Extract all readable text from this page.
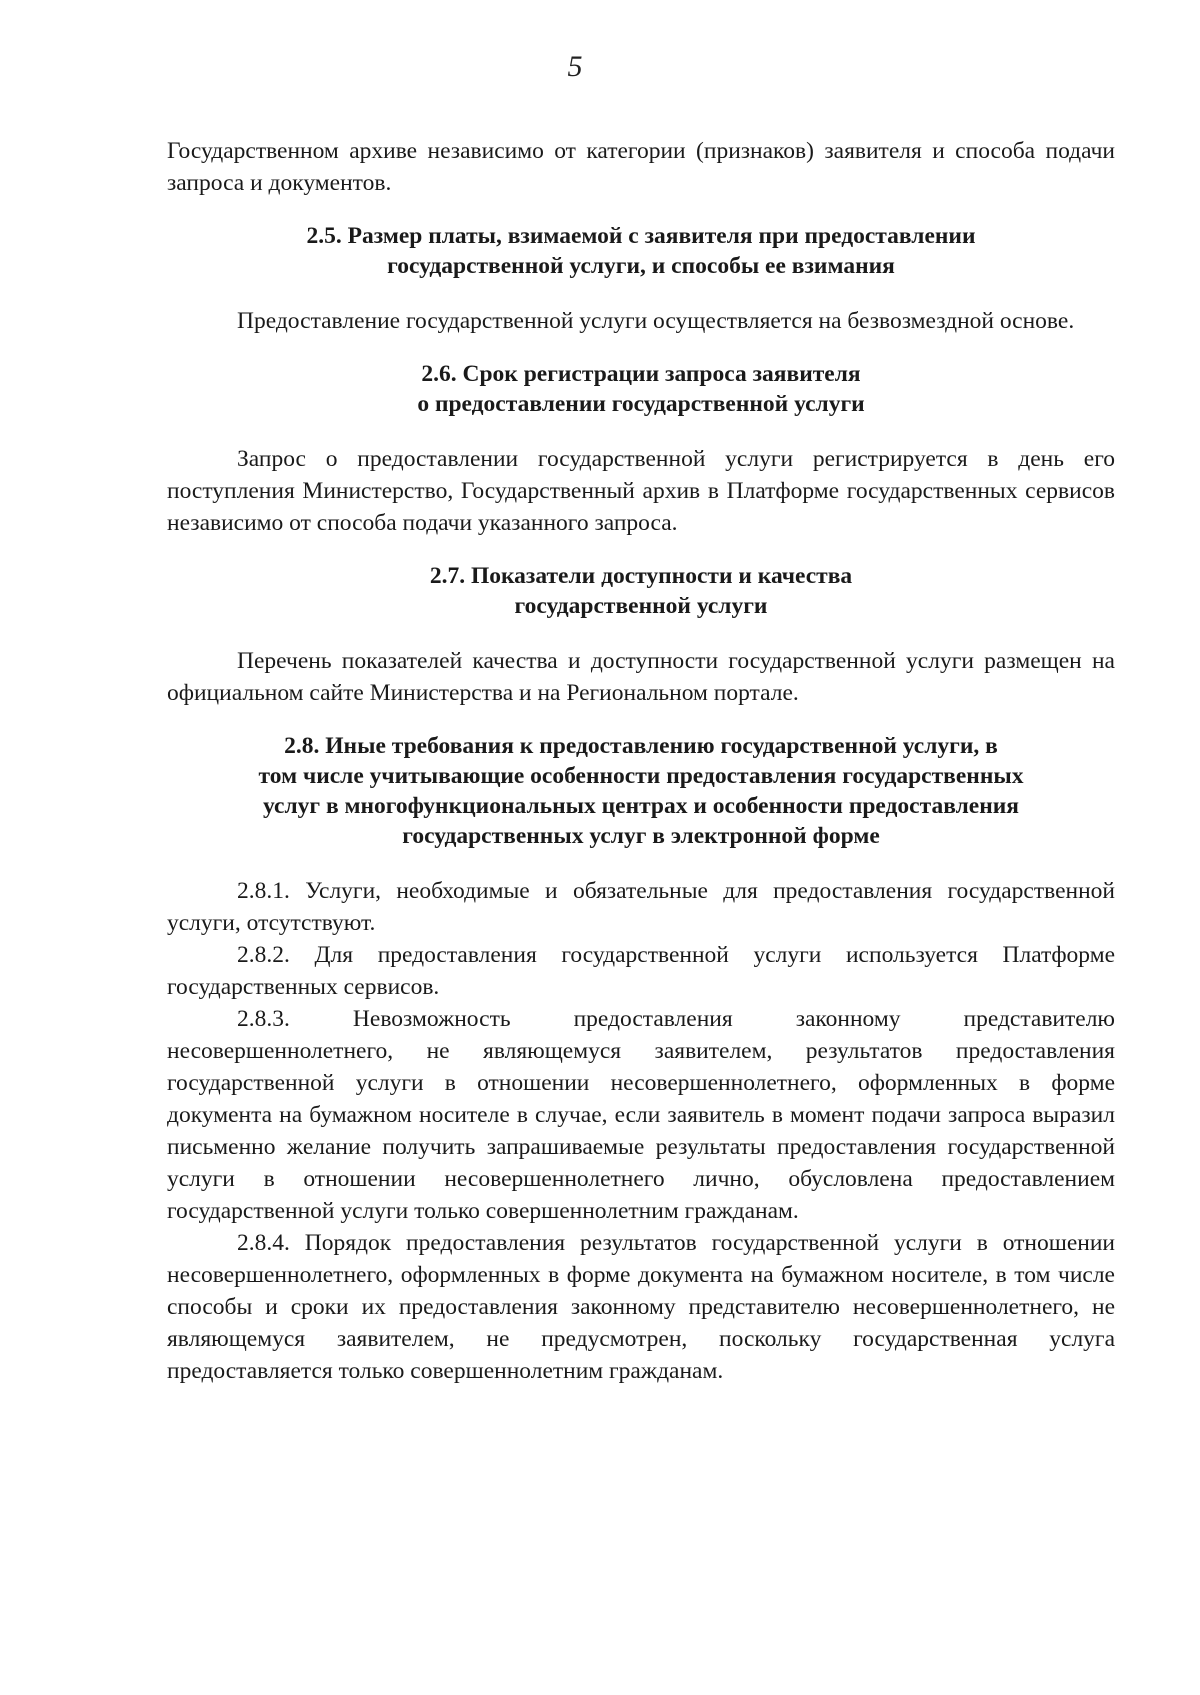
5

Государственном архиве независимо от категории (признаков) заявителя и способа подачи запроса и документов.

2.5. Размер платы, взимаемой с заявителя при предоставлении
государственной услуги, и способы ее взимания

Предоставление государственной услуги осуществляется на безвозмездной основе.

2.6. Срок регистрации запроса заявителя
о предоставлении государственной услуги

Запрос о предоставлении государственной услуги регистрируется в день его поступления Министерство, Государственный архив в Платформе государственных сервисов независимо от способа подачи указанного запроса.

2.7. Показатели доступности и качества
государственной услуги

Перечень показателей качества и доступности государственной услуги размещен на официальном сайте Министерства и на Региональном портале.

2.8. Иные требования к предоставлению государственной услуги, в
том числе учитывающие особенности предоставления государственных
услуг в многофункциональных центрах и особенности предоставления
государственных услуг в электронной форме

2.8.1. Услуги, необходимые и обязательные для предоставления государственной услуги, отсутствуют.

2.8.2. Для предоставления государственной услуги используется Платформе государственных сервисов.

2.8.3. Невозможность предоставления законному представителю несовершеннолетнего, не являющемуся заявителем, результатов предоставления государственной услуги в отношении несовершеннолетнего, оформленных в форме документа на бумажном носителе в случае, если заявитель в момент подачи запроса выразил письменно желание получить запрашиваемые результаты предоставления государственной услуги в отношении несовершеннолетнего лично, обусловлена предоставлением государственной услуги только совершеннолетним гражданам.

2.8.4. Порядок предоставления результатов государственной услуги в отношении несовершеннолетнего, оформленных в форме документа на бумажном носителе, в том числе способы и сроки их предоставления законному представителю несовершеннолетнего, не являющемуся заявителем, не предусмотрен, поскольку государственная услуга предоставляется только совершеннолетним гражданам.
